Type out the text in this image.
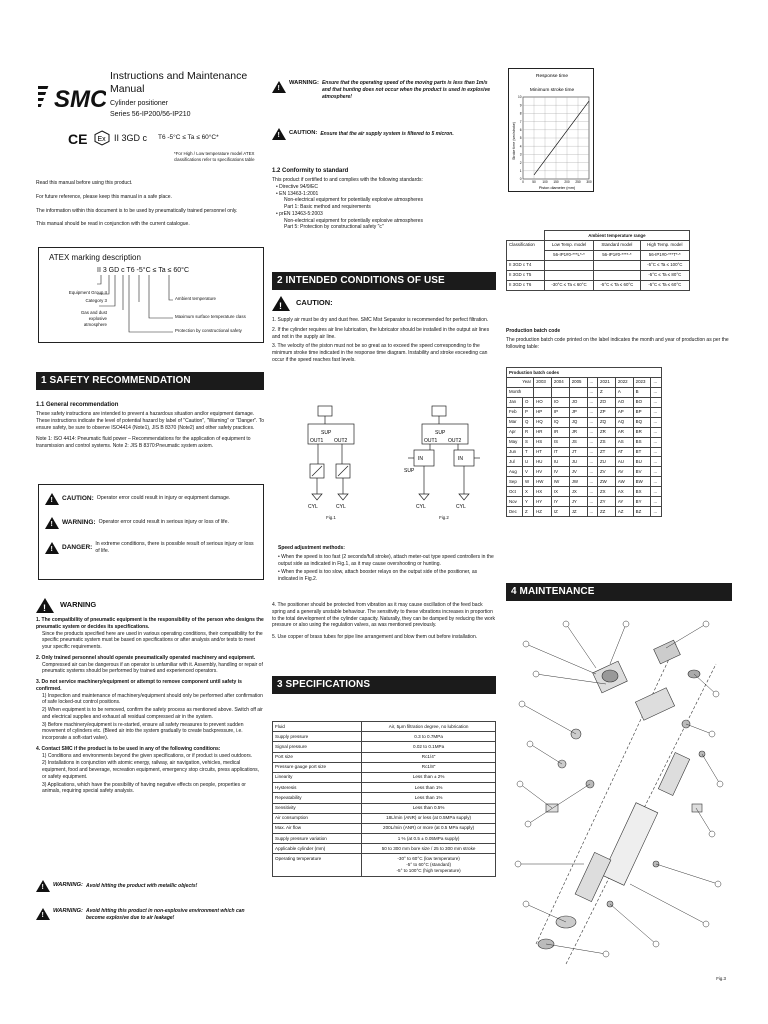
SMC
Instructions and Maintenance Manual
Cylinder positioner
Series 56-IP200/56-IP210
CE Ex II 3GD c T6 -5°C ≤ Ta ≤ 60°C*
*For High / Low temperature model ATEX
classifications refer to specifications table

Read this manual before using this product.

For future reference, please keep this manual in a safe place.

The information within this document is to be used by pneumatically trained personnel only.

This manual should be read in conjunction with the current catalogue.

ATEX marking description
II 3 GD c T6 -5°C ≤ Ta ≤ 60°C
Equipment Group II
Category 3
Gas and dust
explosive
atmosphere
Ambient temperature
Maximum surface temperature class
Protection by constructional safety
1 SAFETY RECOMMENDATION
1.1 General recommendation

These safety instructions are intended to prevent a hazardous situation and/or equipment damage. These instructions indicate the level of potential hazard by label of "Caution", "Warning" or "Danger". To ensure safety, be sure to observe ISO4414 (Note1), JIS B 8370 (Note2) and other safety practices.

Note 1: ISO 4414: Pneumatic fluid power – Recommendations for the application of equipment to transmission and control systems. Note 2: JIS B 8370:Pneumatic system axiom.

!
CAUTION: Operator error could result in injury or equipment damage.
!
WARNING: Operator error could result in serious injury or loss of life.
!
DANGER: In extreme conditions, there is possible result of serious injury or loss of life.
!
WARNING
1. The compatibility of pneumatic equipment is the responsibility of the person who designs the pneumatic system or decides its specifications.

Since the products specified here are used in various operating conditions, their compatibility for the specific pneumatic system must be based on specifications or after analysis and/or tests to meet your specific requirements.

2. Only trained personnel should operate pneumatically operated machinery and equipment.

Compressed air can be dangerous if an operator is unfamiliar with it. Assembly, handling or repair of pneumatic systems should be performed by trained and experienced operators.

3. Do not service machinery/equipment or attempt to remove component until safety is confirmed.

1) Inspection and maintenance of machinery/equipment should only be performed after confirmation of safe locked-out control positions.

2) When equipment is to be removed, confirm the safety process as mentioned above. Switch off air and electrical supplies and exhaust all residual compressed air in the system.

3) Before machinery/equipment is re-started, ensure all safety measures to prevent sudden movement of cylinders etc. (Bleed air into the system gradually to create backpressure, i.e. incorporate a soft-start valve).

4. Contact SMC if the product is to be used in any of the following conditions:

1) Conditions and environments beyond the given specifications, or if product is used outdoors.

2) Installations in conjunction with atomic energy, railway, air navigation, vehicles, medical equipment, food and beverage, recreation equipment, emergency stop circuits, press applications, or safety equipment.

3) Applications, which have the possibility of having negative effects on people, properties or animals, requiring special safety analysis.

!
WARNING: Avoid hitting the product with metallic objects!
!
WARNING: Avoid hitting this product in non-explosive environment which can become explosive due to air leakage!
!
WARNING: Ensure that the operating speed of the moving parts is less than 1m/s and that hunting does not occur when the product is used in explosive atmosphere!
!
CAUTION: Ensure that the air supply system is filtered to 5 micron.
1.2 Conformity to standard
This product if certified to and complies with the following standards:
• Directive 94/9/EC
• EN 13463-1:2001
Non-electrical equipment for potentially explosive atmospheres
Part 1: Basic method and requirements
• prEN 13463-5:2003
Non-electrical equipment for potentially explosive atmospheres
Part 5: Protection by constructional safety "c"
2 INTENDED CONDITIONS OF USE
!
CAUTION:

1. Supply air must be dry and dust free. SMC Mist Separator is recommended for perfect filtration.

2. If the cylinder requires air line lubrication, the lubricator should be installed in the output air lines and not in the supply air line.

3. The velocity of the piston must not be so great as to exceed the speed corresponding to the minimum stroke time indicated in the response time diagram. Instability and stroke exceeding can occur if the speed reaches fast levels.

SUP
OUT1 OUT2
CYL	CYL
Fig.1
SUP
OUT1 OUT2
IN	IN
SUP
CYL	CYL
Fig.2
Speed adjustment methods:
• When the speed is too fast (2 seconds/full stroke), attach meter-out type speed controllers in the output side as indicated in Fig.1, as it may cause overshooting or hunting.
• When the speed is too slow, attach booster relays on the output side of the positioner, as indicated in Fig.2.

4. The positioner should be protected from vibration as it may cause oscillation of the feed back spring and a generally unstable behaviour. The sensitivity to these vibrations increases in proportion to the total development of the cylinder capacity. Naturally, they can be damped by reducing the work pressure or also using the regulation valves, as was mentioned previously.

5. Use copper of brass tubes for pipe line arrangement and blow them out before installation.

3 SPECIFICATIONS
Fluid	Air, 5μm filtration degree, no lubrication
Supply pressure	0.3 to 0.7MPa
Signal pressure	0.02 to 0.1MPa
Port size	Rc1/4"
Pressure gauge port size	Rc1/8"
Linearity	Less than ± 2%
Hysteresis	Less than 1%
Repeatability	Less than 1%
Sensitivity	Less than 0.5%
Air consumption	18L/min (ANR) or less (at 0.5MPa supply)
Max. Air flow	200L/min (ANR) or more (at 0.5 MPa supply)
Supply pressure variation	1 % (at 0.5 ± 0.05MPa supply)
Applicable cylinder (mm)	50 to 300 mm bore size / 25 to 300 mm stroke
Operating temperature	-30° to 60°C (low temperature)
-5° to 60°C (standard)
-5° to 100°C (high temperature)
Response time
Minimum stroke time
0	50 100 150 200 250 300
0
1
2
3
4
5
6
7
8
9
10
Piston diameter (mm)
Stroke time (sec/stroke)
	Ambient temperature range		
Classification	Low Temp. model	Standard model	High Temp. model
	56-IP1#0-***L*-*	56-IP1#0-****-*	56-IP1#0-***T*-*
II 3GD c T4			-5°C ≤ Ta ≤ 100°C
II 3GD c T5			-5°C ≤ Ta ≤ 80°C
II 3GD c T6	-30°C ≤ Ta ≤ 60°C	-5°C ≤ Ta ≤ 60°C	-5°C ≤ Ta ≤ 60°C
Production batch code

The production batch code printed on the label indicates the month and year of production as per the following table:

Production batch codes									
Year		2003	2004	2005	...	2021	2022	2023	...
Month					...	Z	A	B	...
Jan	O	HO	IO	JO	...	ZO	AO	BO	...
Feb	P	HP	IP	JP	...	ZP	AP	BP	...
Mar	Q	HQ	IQ	JQ	...	ZQ	AQ	BQ	...
Apr	R	HR	IR	JR	...	ZR	AR	BR	...
May	S	HS	IS	JS	...	ZS	AS	BS	...
Jun	T	HT	IT	JT	...	ZT	AT	BT	...
Jul	U	HU	IU	JU	...	ZU	AU	BU	...
Aug	V	HV	IV	JV	...	ZV	AV	BV	...
Sep	W	HW	IW	JW	...	ZW	AW	BW	...
Oct	X	HX	IX	JX	...	ZX	AX	BX	...
Nov	Y	HY	IY	JY	...	ZY	AY	BY	...
Dec	Z	HZ	IZ	JZ	...	ZZ	AZ	BZ	...
4 MAINTENANCE
Fig.3
